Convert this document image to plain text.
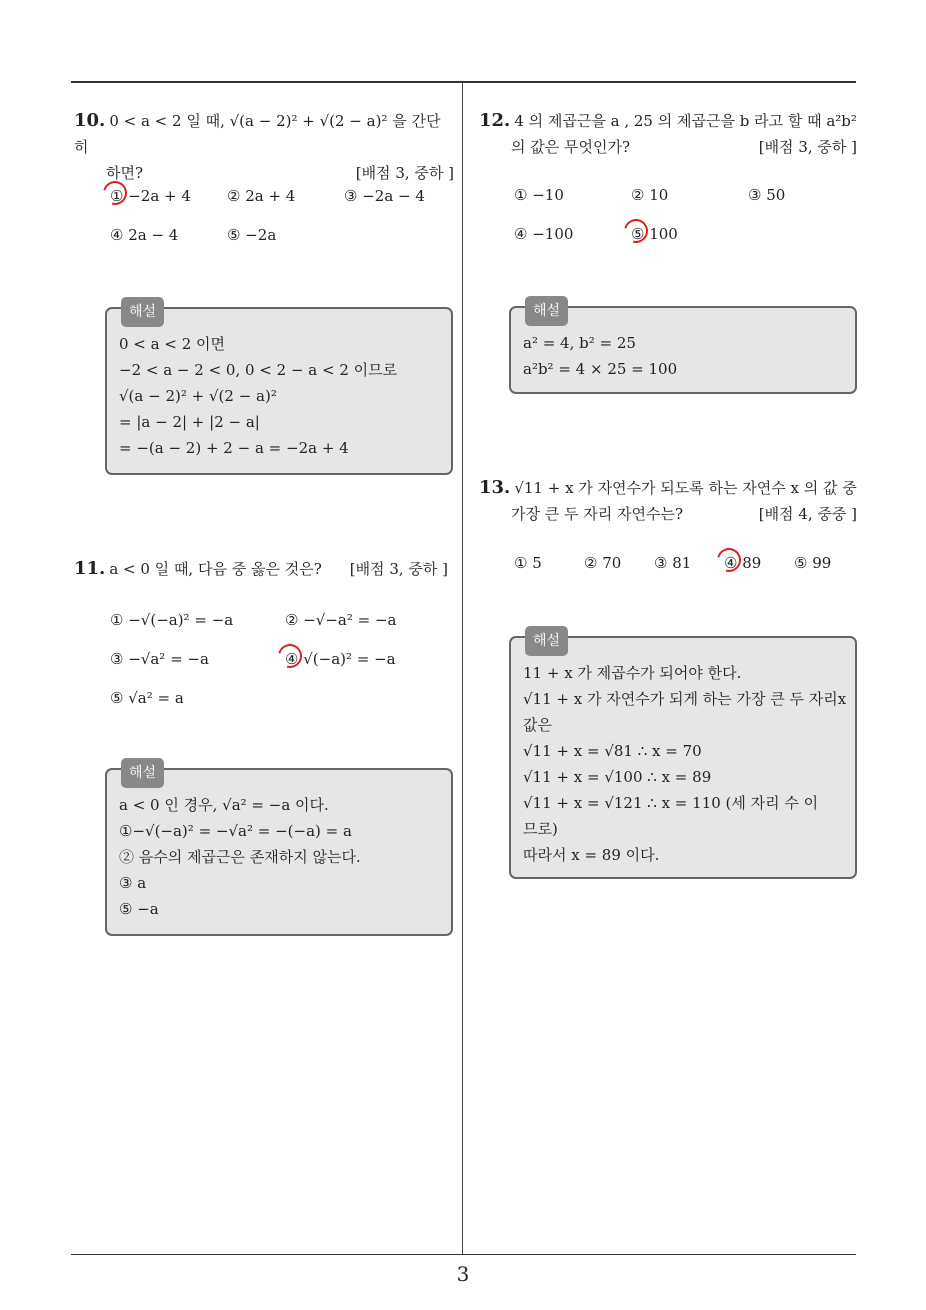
3
10. 0 < a < 2 일 때, √(a − 2)² + √(2 − a)² 을 간단히
하면?	[배점 3, 중하 ]
① −2a + 4 ② 2a + 4	③ −2a − 4
④ 2a − 4	⑤ −2a
해설
0 < a < 2 이면
−2 < a − 2 < 0, 0 < 2 − a < 2 이므로
√(a − 2)² + √(2 − a)²
= |a − 2| + |2 − a|
= −(a − 2) + 2 − a = −2a + 4
11. a < 0 일 때, 다음 중 옳은 것은? [배점 3, 중하 ]
① −√(−a)² = −a	② −√−a² = −a
③ −√a² = −a	④ √(−a)² = −a
⑤ √a² = a
해설
a < 0 인 경우, √a² = −a 이다.
①−√(−a)² = −√a² = −(−a) = a
② 음수의 제곱근은 존재하지 않는다.
③ a
⑤ −a
12. 4 의 제곱근을 a , 25 의 제곱근을 b 라고 할 때 a²b²
의 값은 무엇인가?	[배점 3, 중하 ]
① −10	② 10	③ 50
④ −100	⑤ 100
해설
a² = 4, b² = 25
a²b² = 4 × 25 = 100
13. √11 + x 가 자연수가 되도록 하는 자연수 x 의 값 중
가장 큰 두 자리 자연수는?	[배점 4, 중중 ]
① 5	② 70 ③ 81 ④ 89 ⑤ 99
해설
11 + x 가 제곱수가 되어야 한다.
√11 + x 가 자연수가 되게 하는 가장 큰 두 자리x
값은
√11 + x = √81 ∴ x = 70
√11 + x = √100 ∴ x = 89
√11 + x = √121 ∴ x = 110 (세 자리 수 이
므로)
따라서 x = 89 이다.
